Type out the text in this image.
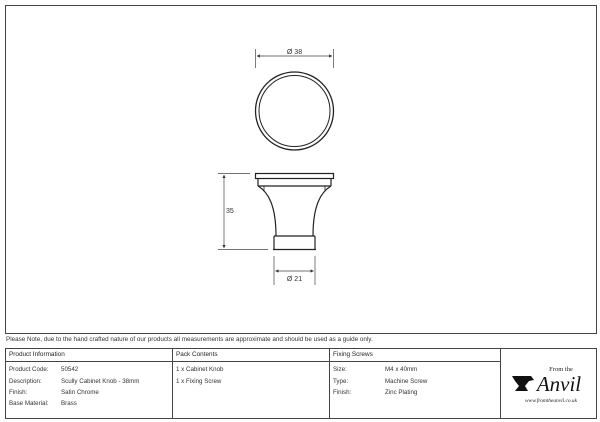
Ø 38
35
Ø 21
Please Note, due to the hand crafted nature of our products all measurements are approximate and should be used as a guide only.
Product Information
Product Code: 50542
Description:	Scully Cabinet Knob - 38mm
Finish:	Satin Chrome
Base Material: Brass
Pack Contents
1 x Cabinet Knob
1 x Fixing Screw
Fixing Screws
Size:	M4 x 40mm
Type:	Machine Screw
Finish:	Zinc Plating
From the
Anvil
www.fromtheanvil.co.uk
